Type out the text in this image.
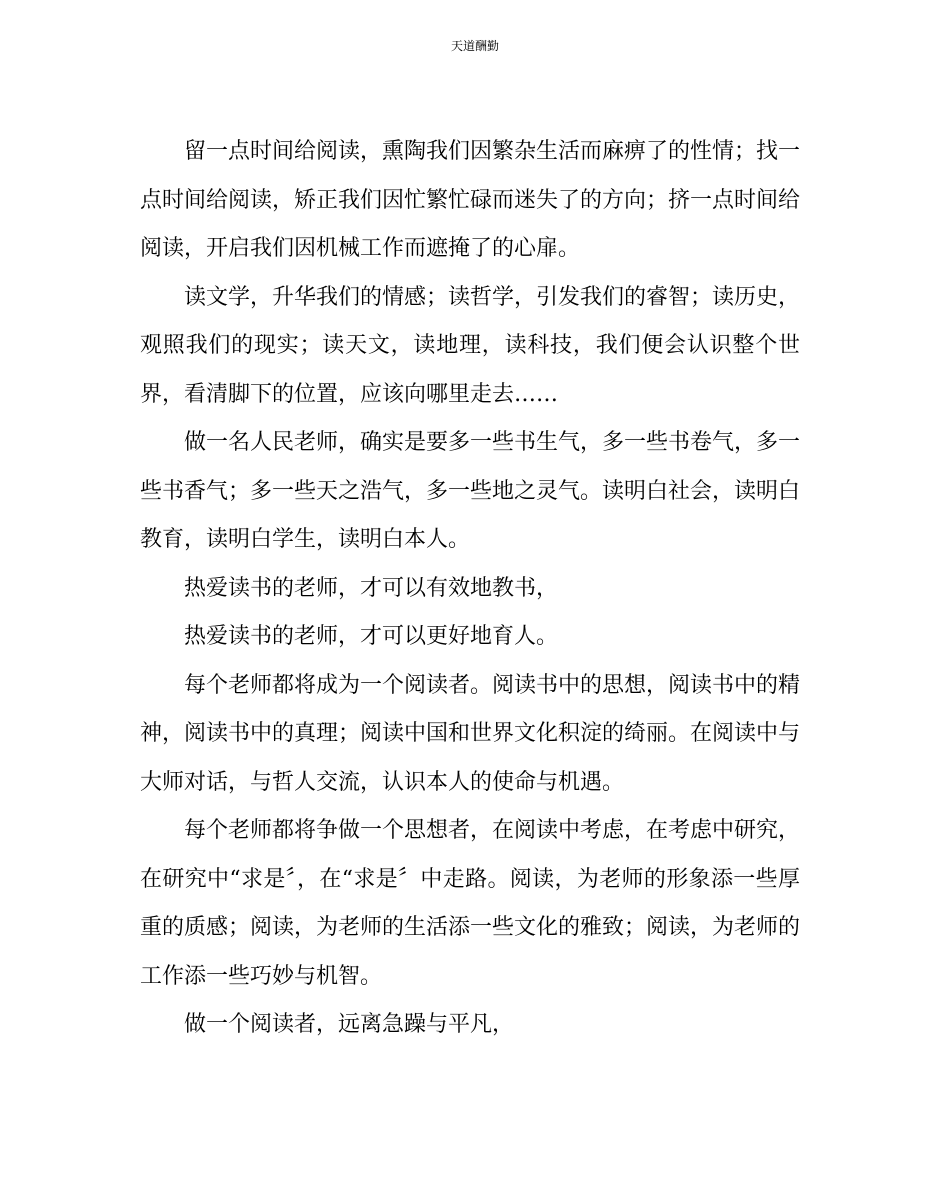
天道酬勤

留一点时间给阅读，熏陶我们因繁杂生活而麻痹了的性情；找一点时间给阅读，矫正我们因忙繁忙碌而迷失了的方向；挤一点时间给阅读，开启我们因机械工作而遮掩了的心扉。

读文学，升华我们的情感；读哲学，引发我们的睿智；读历史，观照我们的现实；读天文，读地理，读科技，我们便会认识整个世界，看清脚下的位置，应该向哪里走去……

做一名人民老师，确实是要多一些书生气，多一些书卷气，多一些书香气；多一些天之浩气，多一些地之灵气。读明白社会，读明白教育，读明白学生，读明白本人。

热爱读书的老师，才可以有效地教书，

热爱读书的老师，才可以更好地育人。

每个老师都将成为一个阅读者。阅读书中的思想，阅读书中的精神，阅读书中的真理；阅读中国和世界文化积淀的绮丽。在阅读中与大师对话，与哲人交流，认识本人的使命与机遇。

每个老师都将争做一个思想者，在阅读中考虑，在考虑中研究，在研究中“求是〞，在“求是〞中走路。阅读，为老师的形象添一些厚重的质感；阅读，为老师的生活添一些文化的雅致；阅读，为老师的工作添一些巧妙与机智。

做一个阅读者，远离急躁与平凡，
